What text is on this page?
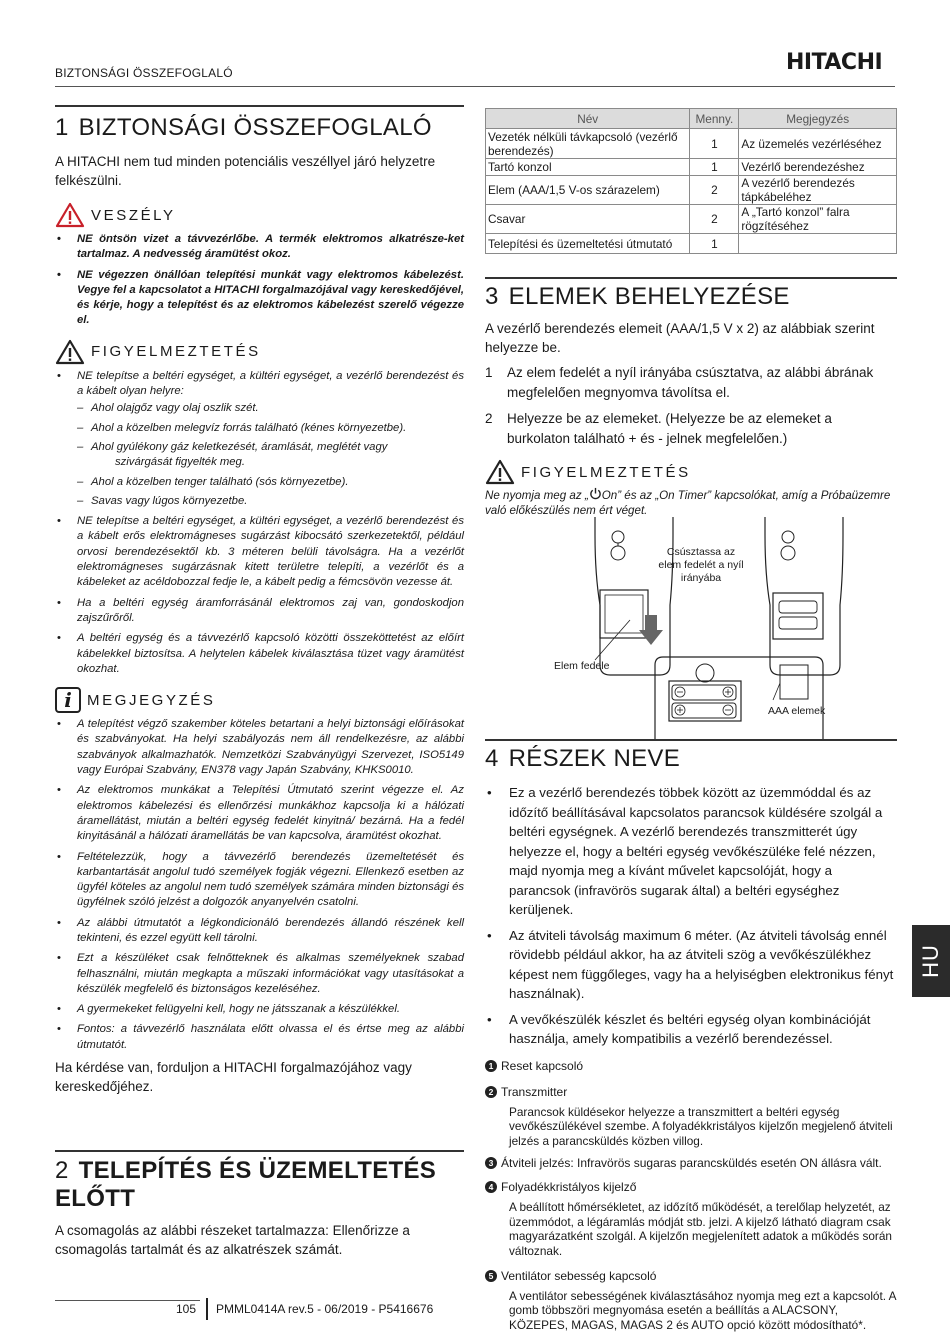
BIZTONSÁGI ÖSSZEFOGLALÓ	HITACHI
1 BIZTONSÁGI ÖSSZEFOGLALÓ

A HITACHI nem tud minden potenciális veszéllyel járó helyzetre felkészülni.

VESZÉLY
• NE öntsön vizet a távvezérlőbe. A termék elektromos alkatrésze-ket tartalmaz. A nedvesség áramütést okoz.
• NE végezzen önállóan telepítési munkát vagy elektromos kábelezést. Vegye fel a kapcsolatot a HITACHI forgalmazójával vagy kereskedőjével, és kérje, hogy a telepítést és az elektromos kábelezést szerelő végezze el.
FIGYELMEZTETÉS
• NE telepítse a beltéri egységet, a kültéri egységet, a vezérlő berendezést és a kábelt olyan helyre:
– Ahol olajgőz vagy olaj oszlik szét.
– Ahol a közelben melegvíz forrás található (kénes környezetbe).
– Ahol gyúlékony gáz keletkezését, áramlását, meglétét vagy
szivárgását figyelték meg.
– Ahol a közelben tenger található (sós környezetbe).
– Savas vagy lúgos környezetbe.
• NE telepítse a beltéri egységet, a kültéri egységet, a vezérlő berendezést és a kábelt erős elektromágneses sugárzást kibocsátó szerkezetektől, például orvosi berendezésektől kb. 3 méteren belüli távolságra. Ha a vezérlőt elektromágneses sugárzásnak kitett területre telepíti, a vezérlőt és a kábeleket az acéldobozzal fedje le, a kábelt pedig a fémcsövön vezesse át.
• Ha a beltéri egység áramforrásánál elektromos zaj van, gondoskodjon zajszűrőről.
• A beltéri egység és a távvezérlő kapcsoló közötti összeköttetést az előírt kábelekkel biztosítsa. A helytelen kábelek kiválasztása tüzet vagy áramütést okozhat.
i	MEGJEGYZÉS
• A telepítést végző szakember köteles betartani a helyi biztonsági előírásokat és szabványokat. Ha helyi szabályozás nem áll rendelkezésre, az alábbi szabványok alkalmazhatók. Nemzetközi Szabványügyi Szervezet, ISO5149 vagy Európai Szabvány, EN378 vagy Japán Szabvány, KHKS0010.
• Az elektromos munkákat a Telepítési Útmutató szerint végezze el. Az elektromos kábelezési és ellenőrzési munkákhoz kapcsolja ki a hálózati áramellátást, miután a beltéri egység fedelét kinyitná/ bezárná. Ha a fedél kinyitásánál a hálózati áramellátás be van kapcsolva, áramütést okozhat.
• Feltételezzük, hogy a távvezérlő berendezés üzemeltetését és karbantartását angolul tudó személyek fogják végezni. Ellenkező esetben az ügyfél köteles az angolul nem tudó személyek számára minden biztonsági és ügyfélnek szóló jelzést a dolgozók anyanyelvén csatolni.
• Az alábbi útmutatót a légkondicionáló berendezés állandó részének kell tekinteni, és ezzel együtt kell tárolni.
• Ezt a készüléket csak felnőtteknek és alkalmas személyeknek szabad felhasználni, miután megkapta a műszaki információkat vagy utasításokat a készülék megfelelő és biztonságos kezeléséhez.
• A gyermekeket felügyelni kell, hogy ne játsszanak a készülékkel.
• Fontos: a távvezérlő használata előtt olvassa el és értse meg az alábbi útmutatót.

Ha kérdése van, forduljon a HITACHI forgalmazójához vagy kereskedőjéhez.

2 TELEPÍTÉS ÉS ÜZEMELTETÉS ELŐTT

A csomagolás az alábbi részeket tartalmazza: Ellenőrizze a csomagolás tartalmát és az alkatrészek számát.

Név	Menny.	Megjegyzés
Vezeték nélküli távkapcsoló (vezérlő berendezés)	1	Az üzemelés vezérléséhez
Tartó konzol	1	Vezérlő berendezéshez
Elem (AAA/1,5 V-os szárazelem)	2	A vezérlő berendezés tápkábeléhez
Csavar	2	A „Tartó konzol” falra rögzítéséhez
Telepítési és üzemeltetési útmutató	1	
3 ELEMEK BEHELYEZÉSE

A vezérlő berendezés elemeit (AAA/1,5 V x 2) az alábbiak szerint helyezze be.

1	Az elem fedelét a nyíl irányába csúsztatva, az alábbi ábrának megfelelően megnyomva távolítsa el.
2	Helyezze be az elemeket. (Helyezze be az elemeket a burkolaton található + és - jelnek megfelelően.)
FIGYELMEZTETÉS

Ne nyomja meg az „ On” és az „On Timer” kapcsolókat, amíg a Próbaüzemre való előkészülés nem ért véget.

Csúsztassa az elem fedelét a nyíl irányába
Elem fedele
AAA elemek
4 RÉSZEK NEVE
• Ez a vezérlő berendezés többek között az üzemmóddal és az időzítő beállításával kapcsolatos parancsok küldésére szolgál a beltéri egységnek. A vezérlő berendezés transzmitterét úgy helyezze el, hogy a beltéri egység vevőkészüléke felé nézzen, majd nyomja meg a kívánt művelet kapcsolóját, hogy a parancsok (infravörös sugarak által) a beltéri egységhez kerüljenek.
• Az átviteli távolság maximum 6 méter. (Az átviteli távolság ennél rövidebb például akkor, ha az átviteli szög a vevőkészülékhez képest nem függőleges, vagy ha a helyiségben elektronikus fényt használnak).
• A vevőkészülék készlet és beltéri egység olyan kombinációját használja, amely kompatibilis a vezérlő berendezéssel.
1 Reset kapcsoló
2 Transzmitter
Parancsok küldésekor helyezze a transzmittert a beltéri egység vevőkészülékével szembe. A folyadékkristályos kijelzőn megjelenő átviteli jelzés a parancsküldés közben villog.
3 Átviteli jelzés: Infravörös sugaras parancsküldés esetén ON állásra vált.
4 Folyadékkristályos kijelző
A beállított hőmérsékletet, az időzítő működését, a terelőlap helyzetét, az üzemmódot, a légáramlás módját stb. jelzi. A kijelző látható diagram csak magyarázatként szolgál. A kijelzőn megjelenített adatok a működés során változnak.
5 Ventilátor sebesség kapcsoló
A ventilátor sebességének kiválasztásához nyomja meg ezt a kapcsolót. A gomb többszöri megnyomása esetén a beállítás a ALACSONY, KÖZEPES, MAGAS, MAGAS 2 és AUTO opció között módosítható*.
HU
105 PMML0414A rev.5 - 06/2019 - P5416676
